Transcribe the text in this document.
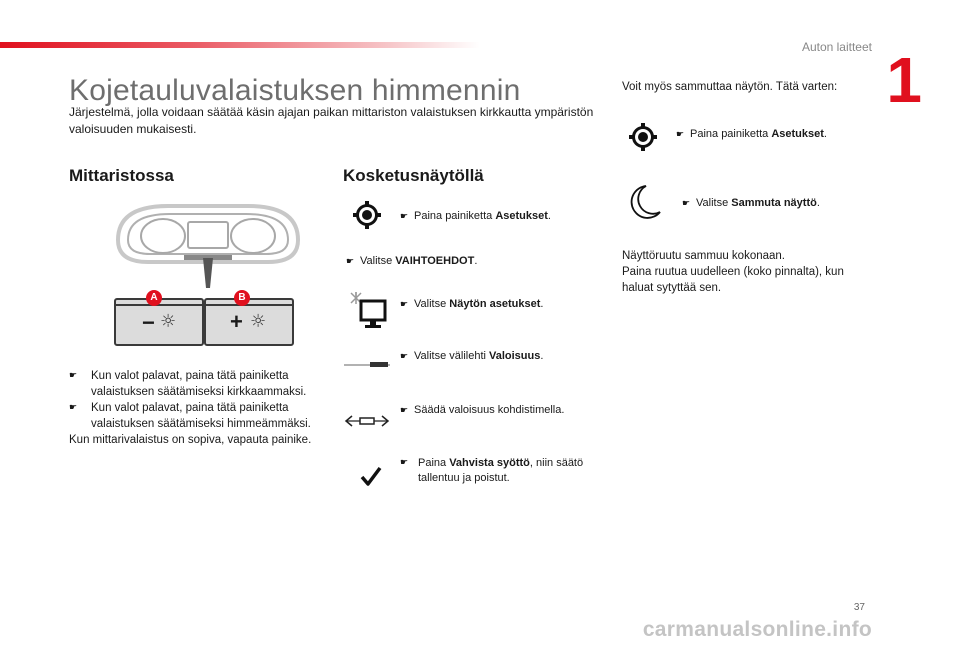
Auton laitteet 1
Kojetauluvalaistuksen himmennin
Järjestelmä, jolla voidaan säätää käsin ajajan paikan mittariston valaistuksen kirkkautta ympäristön valoisuuden mukaisesti.
Mittaristossa
− ☼
A
+ ☼
B
☛	Kun valot palavat, paina tätä painiketta valaistuksen säätämiseksi kirkkaammaksi.
☛	Kun valot palavat, paina tätä painiketta valaistuksen säätämiseksi himmeämmäksi.
Kun mittarivalaistus on sopiva, vapauta painike.
Kosketusnäytöllä
☛ Paina painiketta Asetukset.
☛ Valitse VAIHTOEHDOT.
☛ Valitse Näytön asetukset.
☛ Valitse välilehti Valoisuus.
☛ Säädä valoisuus kohdistimella.
☛ Paina Vahvista syöttö, niin säätö tallentuu ja poistut.
Voit myös sammuttaa näytön. Tätä varten:
☛ Paina painiketta Asetukset.
☛ Valitse Sammuta näyttö.
Näyttöruutu sammuu kokonaan.
Paina ruutua uudelleen (koko pinnalta), kun haluat sytyttää sen.
37
carmanualsonline.info
